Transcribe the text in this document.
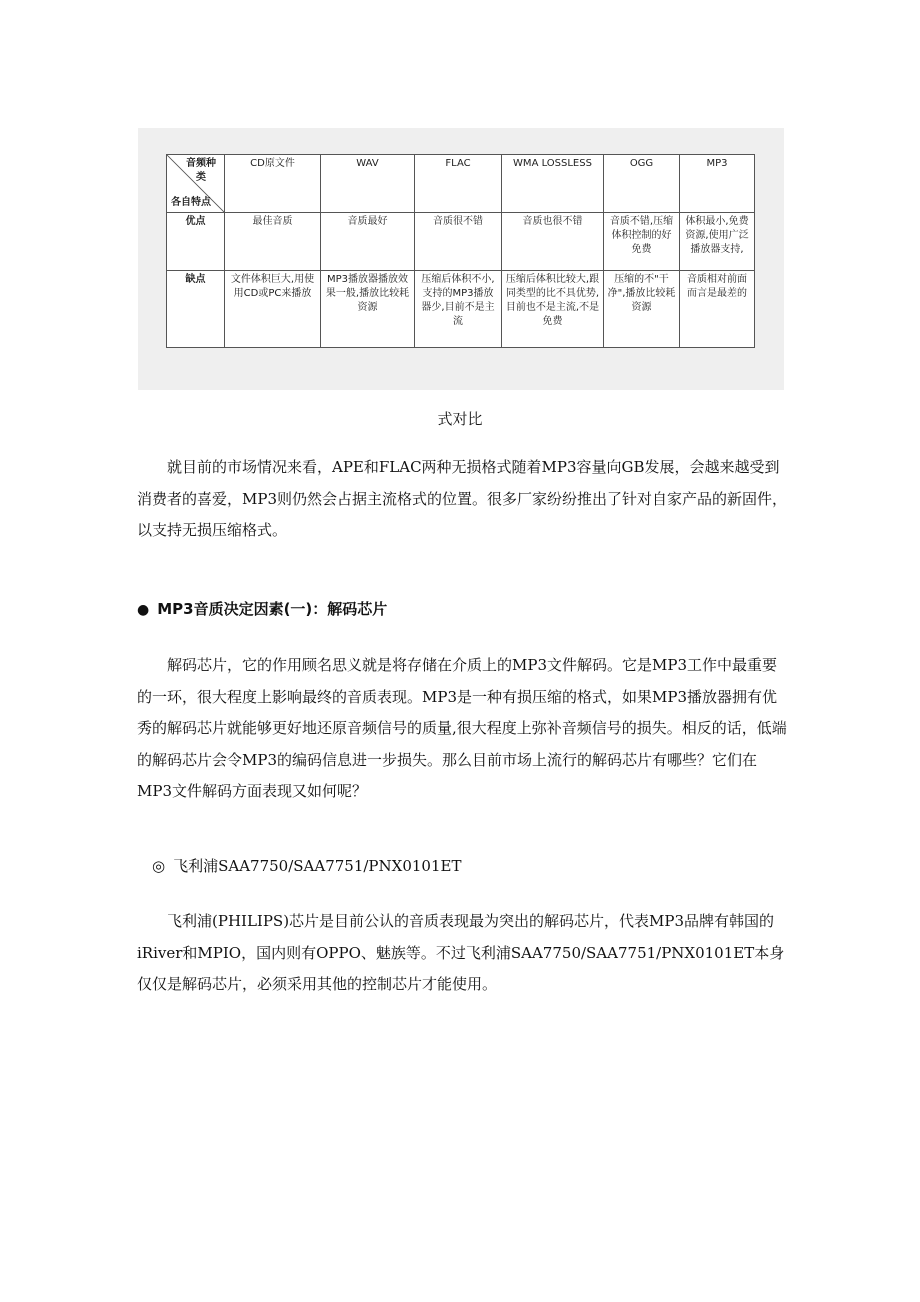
音频种类
各自特点	CD原文件	WAV	FLAC	WMA LOSSLESS	OGG	MP3
优点	最佳音质	音质最好	音质很不错	音质也很不错	音质不错,压缩体积控制的好免费	体积最小,免费资源,使用广泛播放器支持,
缺点	文件体积巨大,用使用CD或PC来播放	MP3播放器播放效果一般,播放比较耗资源	压缩后体积不小,支持的MP3播放器少,目前不是主流	压缩后体积比较大,跟同类型的比不具优势,目前也不是主流,不是免费	压缩的不"干净",播放比较耗资源	音质相对前面而言是最差的
式对比

就目前的市场情况来看，APE和FLAC两种无损格式随着MP3容量向GB发展，会越来越受到消费者的喜爱，MP3则仍然会占据主流格式的位置。很多厂家纷纷推出了针对自家产品的新固件，以支持无损压缩格式。

● MP3音质决定因素(一)：解码芯片

解码芯片，它的作用顾名思义就是将存储在介质上的MP3文件解码。它是MP3工作中最重要的一环，很大程度上影响最终的音质表现。MP3是一种有损压缩的格式，如果MP3播放器拥有优秀的解码芯片就能够更好地还原音频信号的质量,很大程度上弥补音频信号的损失。相反的话，低端的解码芯片会令MP3的编码信息进一步损失。那么目前市场上流行的解码芯片有哪些？它们在MP3文件解码方面表现又如何呢？

◎ 飞利浦SAA7750/SAA7751/PNX0101ET

飞利浦(PHILIPS)芯片是目前公认的音质表现最为突出的解码芯片，代表MP3品牌有韩国的iRiver和MPIO，国内则有OPPO、魅族等。不过飞利浦SAA7750/SAA7751/PNX0101ET本身仅仅是解码芯片，必须采用其他的控制芯片才能使用。
